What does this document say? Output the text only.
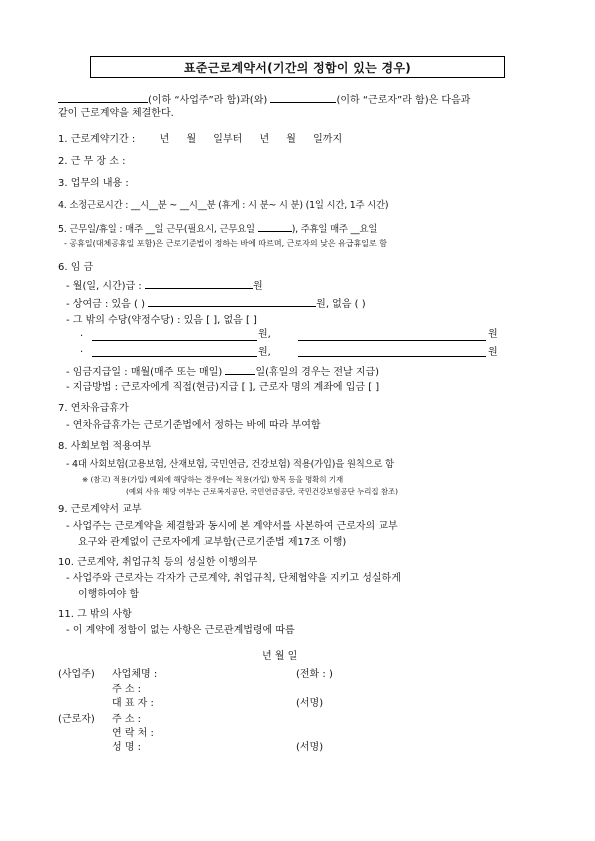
표준근로계약서(기간의 정함이 있는 경우)
(이하 “사업주”라 함)과(와)	(이하 “근로자”라 함)은 다음과
같이 근로계약을 체결한다.
1. 근로계약기간 : 년 월 일부터 년 월 일까지
2. 근 무 장 소 :
3. 업무의 내용 :
4. 소정근로시간 : __시__분 ~ __시__분 (휴게 : 시 분~ 시 분) (1일 시간, 1주 시간)
5. 근무일/휴일 : 매주 __일 근무(필요시, 근무요일	), 주휴일 매주 __요일
- 공휴일(대체공휴일 포함)은 근로기준법이 정하는 바에 따르며, 근로자의 낮은 유급휴일로 함
6. 임 금
- 월(일, 시간)급 :	원
- 상여금 : 있음 ( )	원, 없음 ( )
- 그 밖의 수당(약정수당) : 있음 [ ], 없음 [ ]
·	원,	원
·	원,	원
- 임금지급일 : 매월(매주 또는 매일)	일(휴일의 경우는 전날 지급)
- 지급방법 : 근로자에게 직접(현금)지급 [ ], 근로자 명의 계좌에 입금 [ ]
7. 연차유급휴가
- 연차유급휴가는 근로기준법에서 정하는 바에 따라 부여함
8. 사회보험 적용여부
- 4대 사회보험(고용보험, 산재보험, 국민연금, 건강보험) 적용(가입)을 원칙으로 함
※ (참고) 적용(가입) 예외에 해당하는 경우에는 적용(가입) 항목 등을 명확히 기재
(예외 사유 해당 여부는 근로복지공단, 국민연금공단, 국민건강보험공단 누리집 참조)
9. 근로계약서 교부
- 사업주는 근로계약을 체결함과 동시에 본 계약서를 사본하여 근로자의 교부
요구와 관계없이 근로자에게 교부함(근로기준법 제17조 이행)
10. 근로계약, 취업규칙 등의 성실한 이행의무
- 사업주와 근로자는 각자가 근로계약, 취업규칙, 단체협약을 지키고 성실하게
이행하여야 함
11. 그 밖의 사항
- 이 계약에 정함이 없는 사항은 근로관계법령에 따름
년 월 일
(사업주) 사업체명 :	(전화 : )
주 소 :
대 표 자 :	(서명)
(근로자) 주 소 :
연 락 처 :
성 명 :	(서명)
